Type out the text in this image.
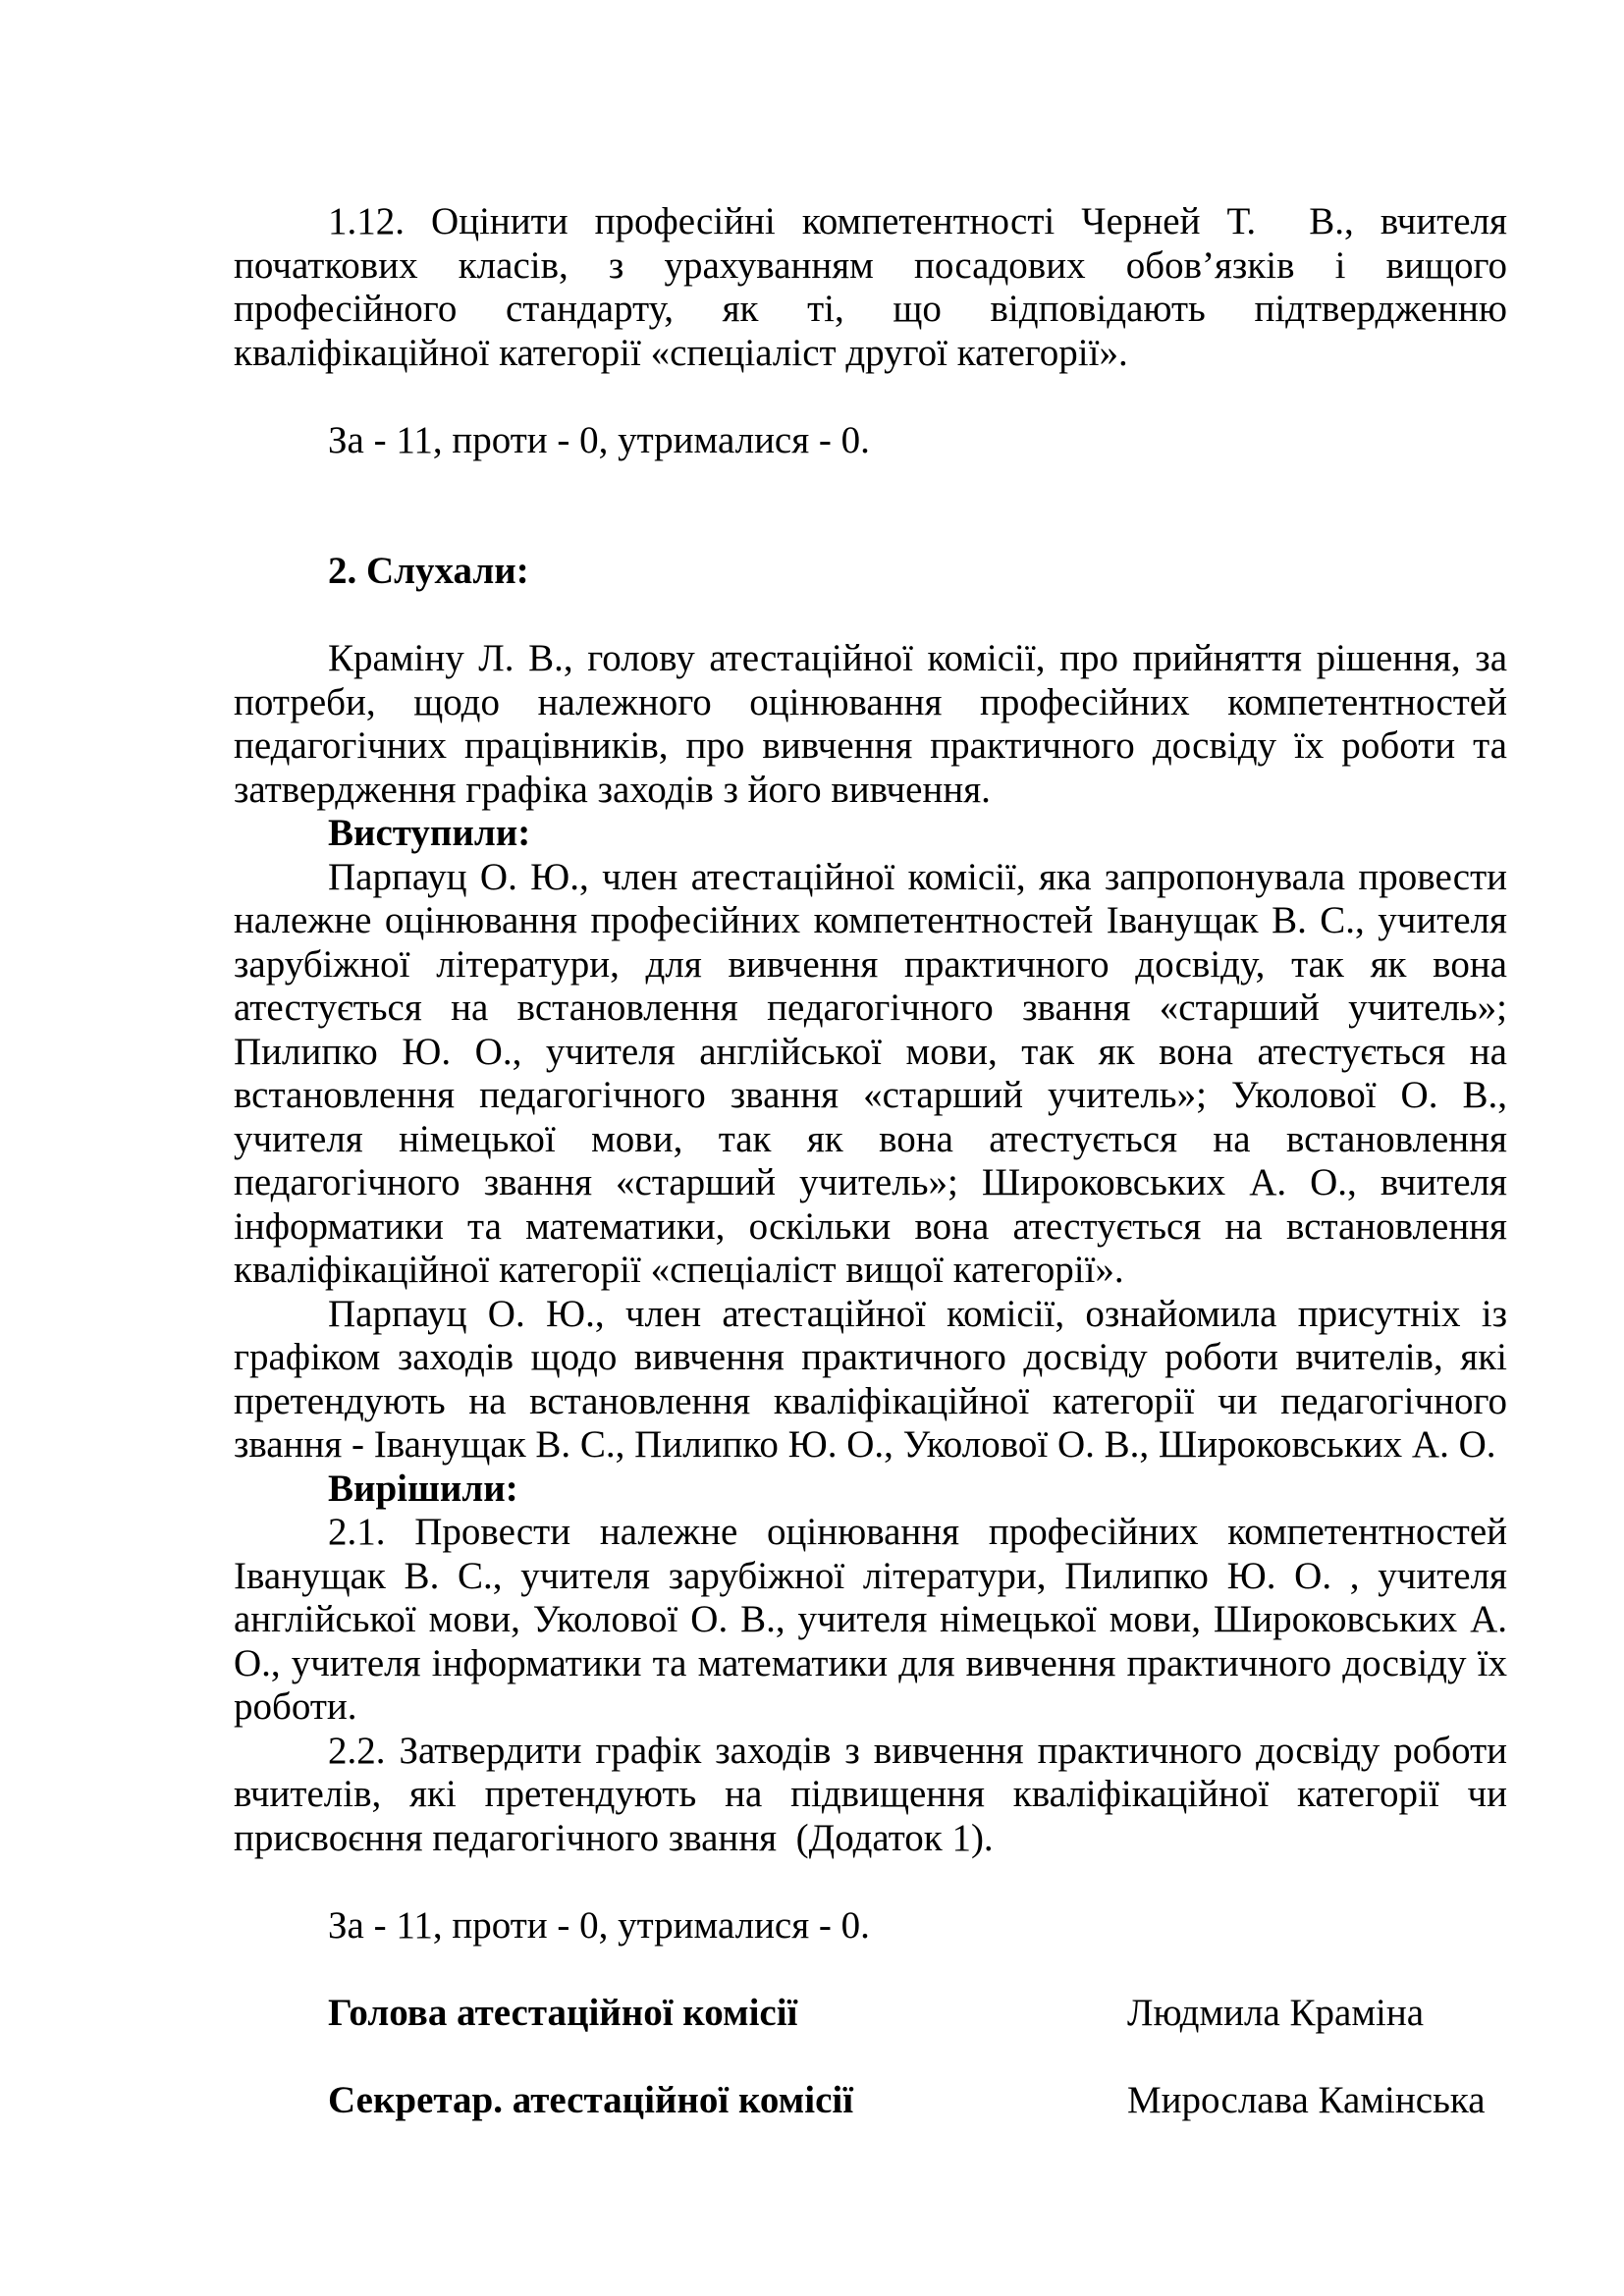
1.12. Оцінити професійні компетентності Черней Т.  В., вчителя
початкових класів, з урахуванням посадових обов’язків і вищого
професійного стандарту, як ті, що відповідають підтвердженню
кваліфікаційної категорії «спеціаліст другої категорії».
За - 11, проти - 0, утрималися - 0.
2. Слухали:
Краміну Л. В., голову атестаційної комісії, про прийняття рішення, за
потреби, щодо належного оцінювання професійних компетентностей
педагогічних працівників, про вивчення практичного досвіду їх роботи та
затвердження графіка заходів з його вивчення.
Виступили:
Парпауц О. Ю., член атестаційної комісії, яка запропонувала провести
належне оцінювання професійних компетентностей Іванущак В. С., учителя
зарубіжної літератури, для вивчення практичного досвіду, так як вона
атестується на встановлення педагогічного звання «старший учитель»;
Пилипко Ю. О., учителя англійської мови, так як вона атестується на
встановлення педагогічного звання «старший учитель»; Уколової О. В.,
учителя німецької мови, так як вона атестується на встановлення
педагогічного звання «старший учитель»; Широковських А. О., вчителя
інформатики та математики, оскільки вона атестується на встановлення
кваліфікаційної категорії «спеціаліст вищої категорії».
Парпауц О. Ю., член атестаційної комісії, ознайомила присутніх із
графіком заходів щодо вивчення практичного досвіду роботи вчителів, які
претендують на встановлення кваліфікаційної категорії чи педагогічного
звання - Іванущак В. С., Пилипко Ю. О., Уколової О. В., Широковських А. О.
Вирішили:
2.1. Провести належне оцінювання професійних компетентностей
Іванущак В. С., учителя зарубіжної літератури, Пилипко Ю. О. , учителя
англійської мови, Уколової О. В., учителя німецької мови, Широковських А.
О., учителя інформатики та математики для вивчення практичного досвіду їх
роботи.
2.2. Затвердити графік заходів з вивчення практичного досвіду роботи
вчителів, які претендують на підвищення кваліфікаційної категорії чи
присвоєння педагогічного звання  (Додаток 1).
За - 11, проти - 0, утрималися - 0.
Голова атестаційної комісії	Людмила Краміна
Секретар. атестаційної комісії	Мирослава Камінська
